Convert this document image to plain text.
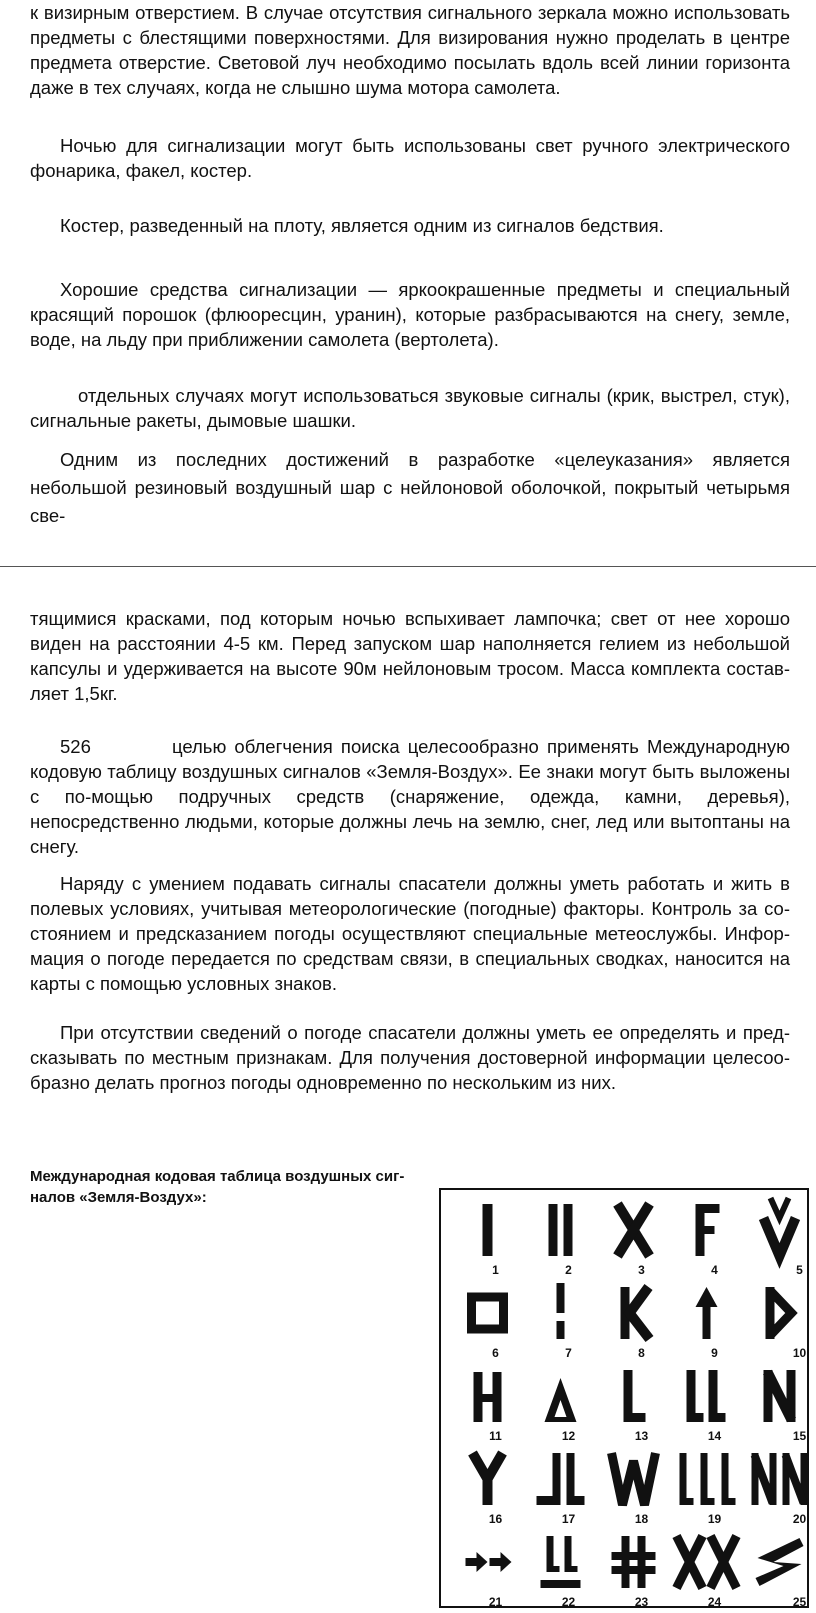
к визирным отверстием. В случае отсутствия сигнального зеркала можно использовать предметы с блестящими поверхностями. Для визирования нужно проделать в центре предмета отверстие. Световой луч необходимо посылать вдоль всей линии горизонта даже в тех случаях, когда не слышно шума мотора самолета.

Ночью для сигнализации могут быть использованы свет ручного электрического фонарика, факел, костер.

Костер, разведенный на плоту, является одним из сигналов бедствия.

Хорошие средства сигнализации — яркоокрашенные предметы и специальный красящий порошок (флюоресцин, уранин), которые разбрасываются на снегу, земле, воде, на льду при приближении самолета (вертолета).

отдельных случаях могут использоваться звуковые сигналы (крик, выстрел, стук), сигнальные ракеты, дымовые шашки.

Одним из последних достижений в разработке «целеуказания» является небольшой резиновый воздушный шар с нейлоновой оболочкой, покрытый четырьмя све-

тящимися красками, под которым ночью вспыхивает лампочка; свет от нее хорошо виден на расстоянии 4-5 км. Перед запуском шар наполняется гелием из небольшой капсулы и удерживается на высоте 90м нейлоновым тросом. Масса комплекта состав-ляет 1,5кг.

526          целью облегчения поиска целесообразно применять Международную кодовую таблицу воздушных сигналов «Земля-Воздух». Ее знаки могут быть выложены с по-мощью подручных средств (снаряжение, одежда, камни, деревья), непосредственно людьми, которые должны лечь на землю, снег, лед или вытоптаны на снегу.

Наряду с умением подавать сигналы спасатели должны уметь работать и жить в полевых условиях, учитывая метеорологические (погодные) факторы. Контроль за со-стоянием и предсказанием погоды осуществляют специальные метеослужбы. Инфор-мация о погоде передается по средствам связи, в специальных сводках, наносится на карты с помощью условных знаков.

При отсутствии сведений о погоде спасатели должны уметь ее определять и пред-сказывать по местным признакам. Для получения достоверной информации целесоо-бразно делать прогноз погоды одновременно по нескольким из них.

Международная кодовая таблица воздушных сиг-налов «Земля-Воздух»:

1	2	3	4	5
6	7	8	9	10
11	12	13	14	15
16	17	18	19	20
21	22	23	24	25
